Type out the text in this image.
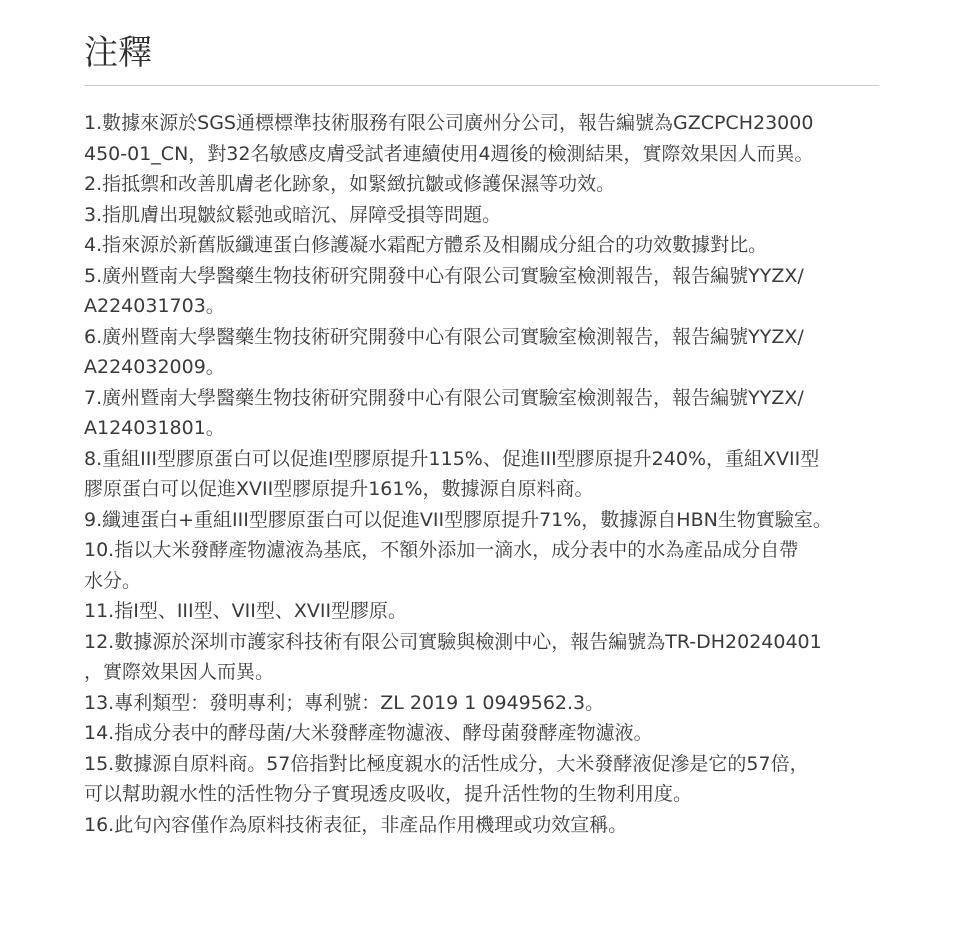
注釋
1.數據來源於SGS通標標準技術服務有限公司廣州分公司，報告編號為GZCPCH23000
450-01_CN，對32名敏感皮膚受試者連續使用4週後的檢測結果，實際效果因人而異。
2.指抵禦和改善肌膚老化跡象，如緊緻抗皺或修護保濕等功效。
3.指肌膚出現皺紋鬆弛或暗沉、屏障受損等問題。
4.指來源於新舊版纖連蛋白修護凝水霜配方體系及相關成分組合的功效數據對比。
5.廣州暨南大學醫藥生物技術研究開發中心有限公司實驗室檢測報告，報告編號YYZX/
A224031703。
6.廣州暨南大學醫藥生物技術研究開發中心有限公司實驗室檢測報告，報告編號YYZX/
A224032009。
7.廣州暨南大學醫藥生物技術研究開發中心有限公司實驗室檢測報告，報告編號YYZX/
A124031801。
8.重組III型膠原蛋白可以促進I型膠原提升115%、促進III型膠原提升240%，重組XVII型
膠原蛋白可以促進XVII型膠原提升161%，數據源自原料商。
9.纖連蛋白+重組III型膠原蛋白可以促進VII型膠原提升71%，數據源自HBN生物實驗室。
10.指以大米發酵產物濾液為基底，不額外添加一滴水，成分表中的水為產品成分自帶
水分。
11.指I型、III型、VII型、XVII型膠原。
12.數據源於深圳市護家科技術有限公司實驗與檢測中心，報告編號為TR-DH20240401
，實際效果因人而異。
13.專利類型：發明專利；專利號：ZL 2019 1 0949562.3。
14.指成分表中的酵母菌/大米發酵產物濾液、酵母菌發酵產物濾液。
15.數據源自原料商。57倍指對比極度親水的活性成分，大米發酵液促滲是它的57倍，
可以幫助親水性的活性物分子實現透皮吸收，提升活性物的生物利用度。
16.此句內容僅作為原料技術表征，非產品作用機理或功效宣稱。
